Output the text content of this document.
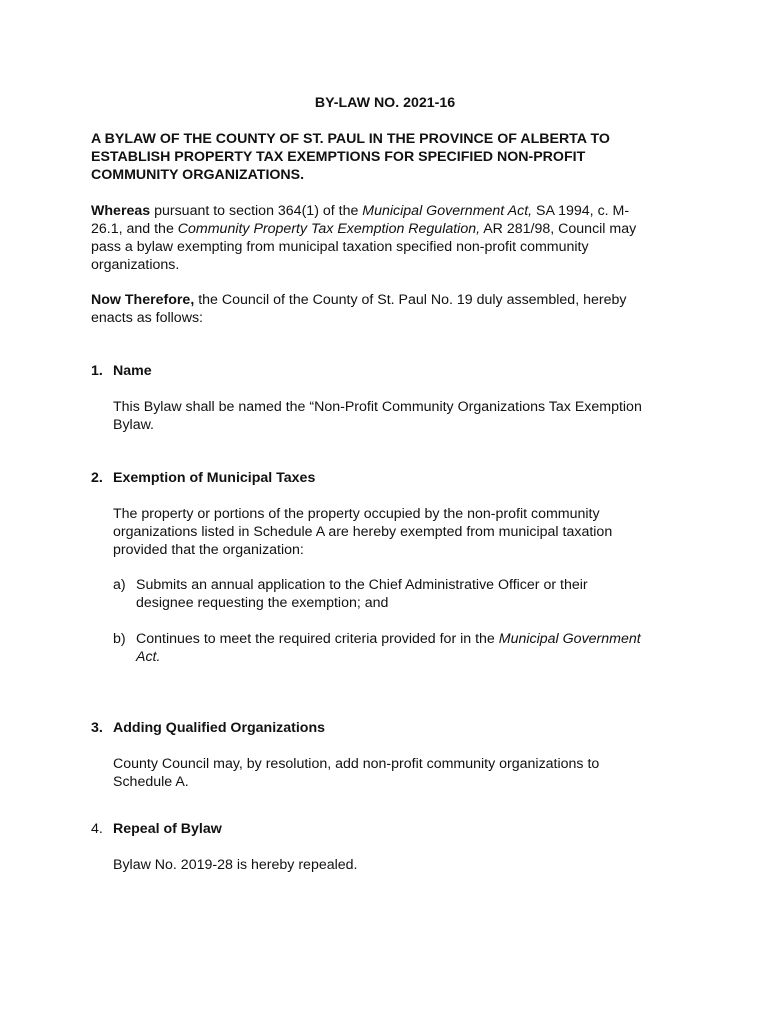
BY-LAW NO. 2021-16
A BYLAW OF THE COUNTY OF ST. PAUL IN THE PROVINCE OF ALBERTA TO
ESTABLISH PROPERTY TAX EXEMPTIONS FOR SPECIFIED NON-PROFIT
COMMUNITY ORGANIZATIONS.
Whereas pursuant to section 364(1) of the Municipal Government Act, SA 1994, c. M-
26.1, and the Community Property Tax Exemption Regulation, AR 281/98, Council may
pass a bylaw exempting from municipal taxation specified non-profit community
organizations.
Now Therefore, the Council of the County of St. Paul No. 19 duly assembled, hereby
enacts as follows:
1. Name
This Bylaw shall be named the “Non-Profit Community Organizations Tax Exemption
Bylaw.
2. Exemption of Municipal Taxes
The property or portions of the property occupied by the non-profit community
organizations listed in Schedule A are hereby exempted from municipal taxation
provided that the organization:
a) Submits an annual application to the Chief Administrative Officer or their
designee requesting the exemption; and
b) Continues to meet the required criteria provided for in the Municipal Government
Act.
3. Adding Qualified Organizations
County Council may, by resolution, add non-profit community organizations to
Schedule A.
4. Repeal of Bylaw
Bylaw No. 2019-28 is hereby repealed.
